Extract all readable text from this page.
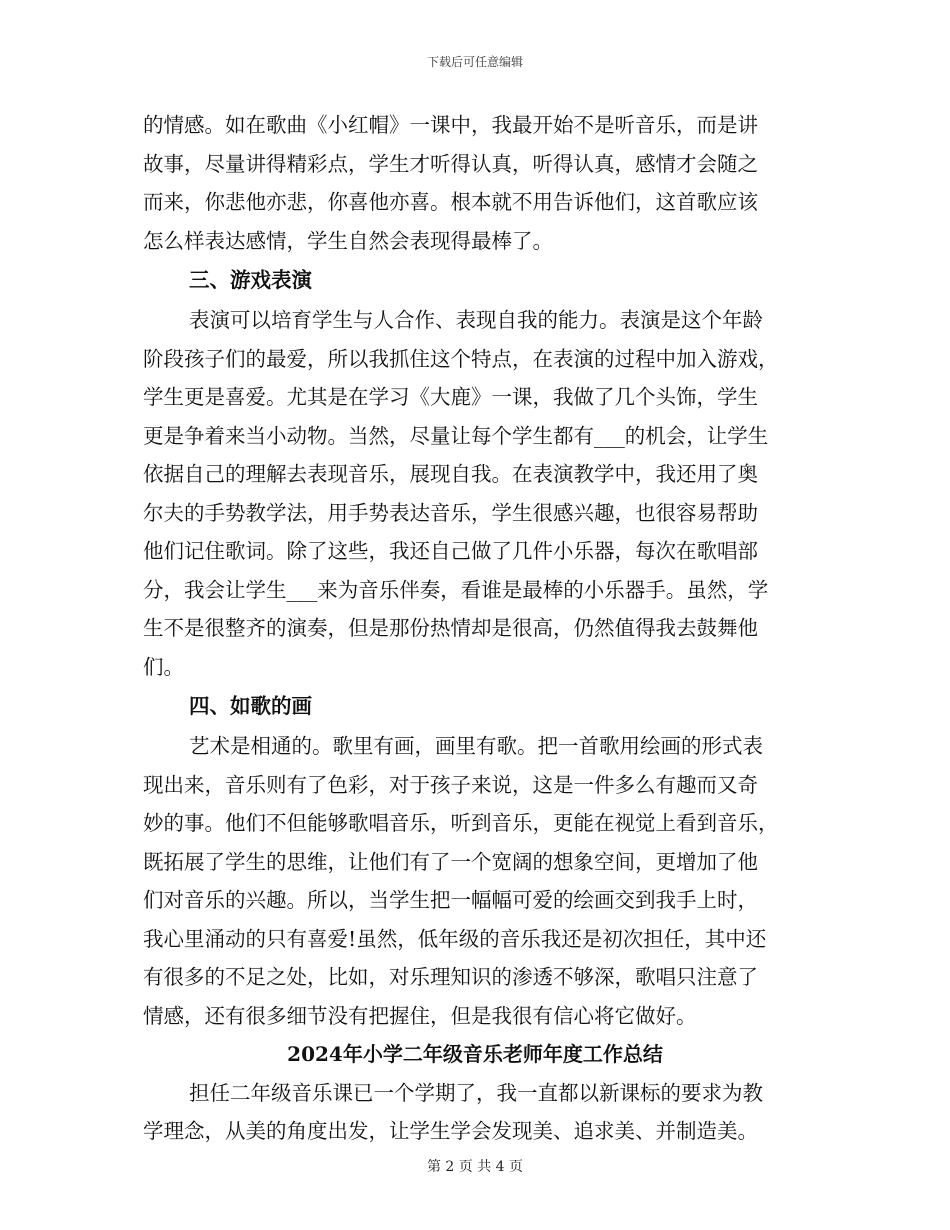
下载后可任意编辑
的情感。如在歌曲《小红帽》一课中，我最开始不是听音乐，而是讲
故事，尽量讲得精彩点，学生才听得认真，听得认真，感情才会随之
而来，你悲他亦悲，你喜他亦喜。根本就不用告诉他们，这首歌应该
怎么样表达感情，学生自然会表现得最棒了。
三、游戏表演
表演可以培育学生与人合作、表现自我的能力。表演是这个年龄
阶段孩子们的最爱，所以我抓住这个特点，在表演的过程中加入游戏，
学生更是喜爱。尤其是在学习《大鹿》一课，我做了几个头饰，学生
更是争着来当小动物。当然，尽量让每个学生都有___的机会，让学生
依据自己的理解去表现音乐，展现自我。在表演教学中，我还用了奥
尔夫的手势教学法，用手势表达音乐，学生很感兴趣，也很容易帮助
他们记住歌词。除了这些，我还自己做了几件小乐器，每次在歌唱部
分，我会让学生___来为音乐伴奏，看谁是最棒的小乐器手。虽然，学
生不是很整齐的演奏，但是那份热情却是很高，仍然值得我去鼓舞他
们。
四、如歌的画
艺术是相通的。歌里有画，画里有歌。把一首歌用绘画的形式表
现出来，音乐则有了色彩，对于孩子来说，这是一件多么有趣而又奇
妙的事。他们不但能够歌唱音乐，听到音乐，更能在视觉上看到音乐，
既拓展了学生的思维，让他们有了一个宽阔的想象空间，更增加了他
们对音乐的兴趣。所以，当学生把一幅幅可爱的绘画交到我手上时，
我心里涌动的只有喜爱!虽然，低年级的音乐我还是初次担任，其中还
有很多的不足之处，比如，对乐理知识的渗透不够深，歌唱只注意了
情感，还有很多细节没有把握住，但是我很有信心将它做好。
2024年小学二年级音乐老师年度工作总结
担任二年级音乐课已一个学期了，我一直都以新课标的要求为教
学理念，从美的角度出发，让学生学会发现美、追求美、并制造美。
第 2 页 共 4 页
